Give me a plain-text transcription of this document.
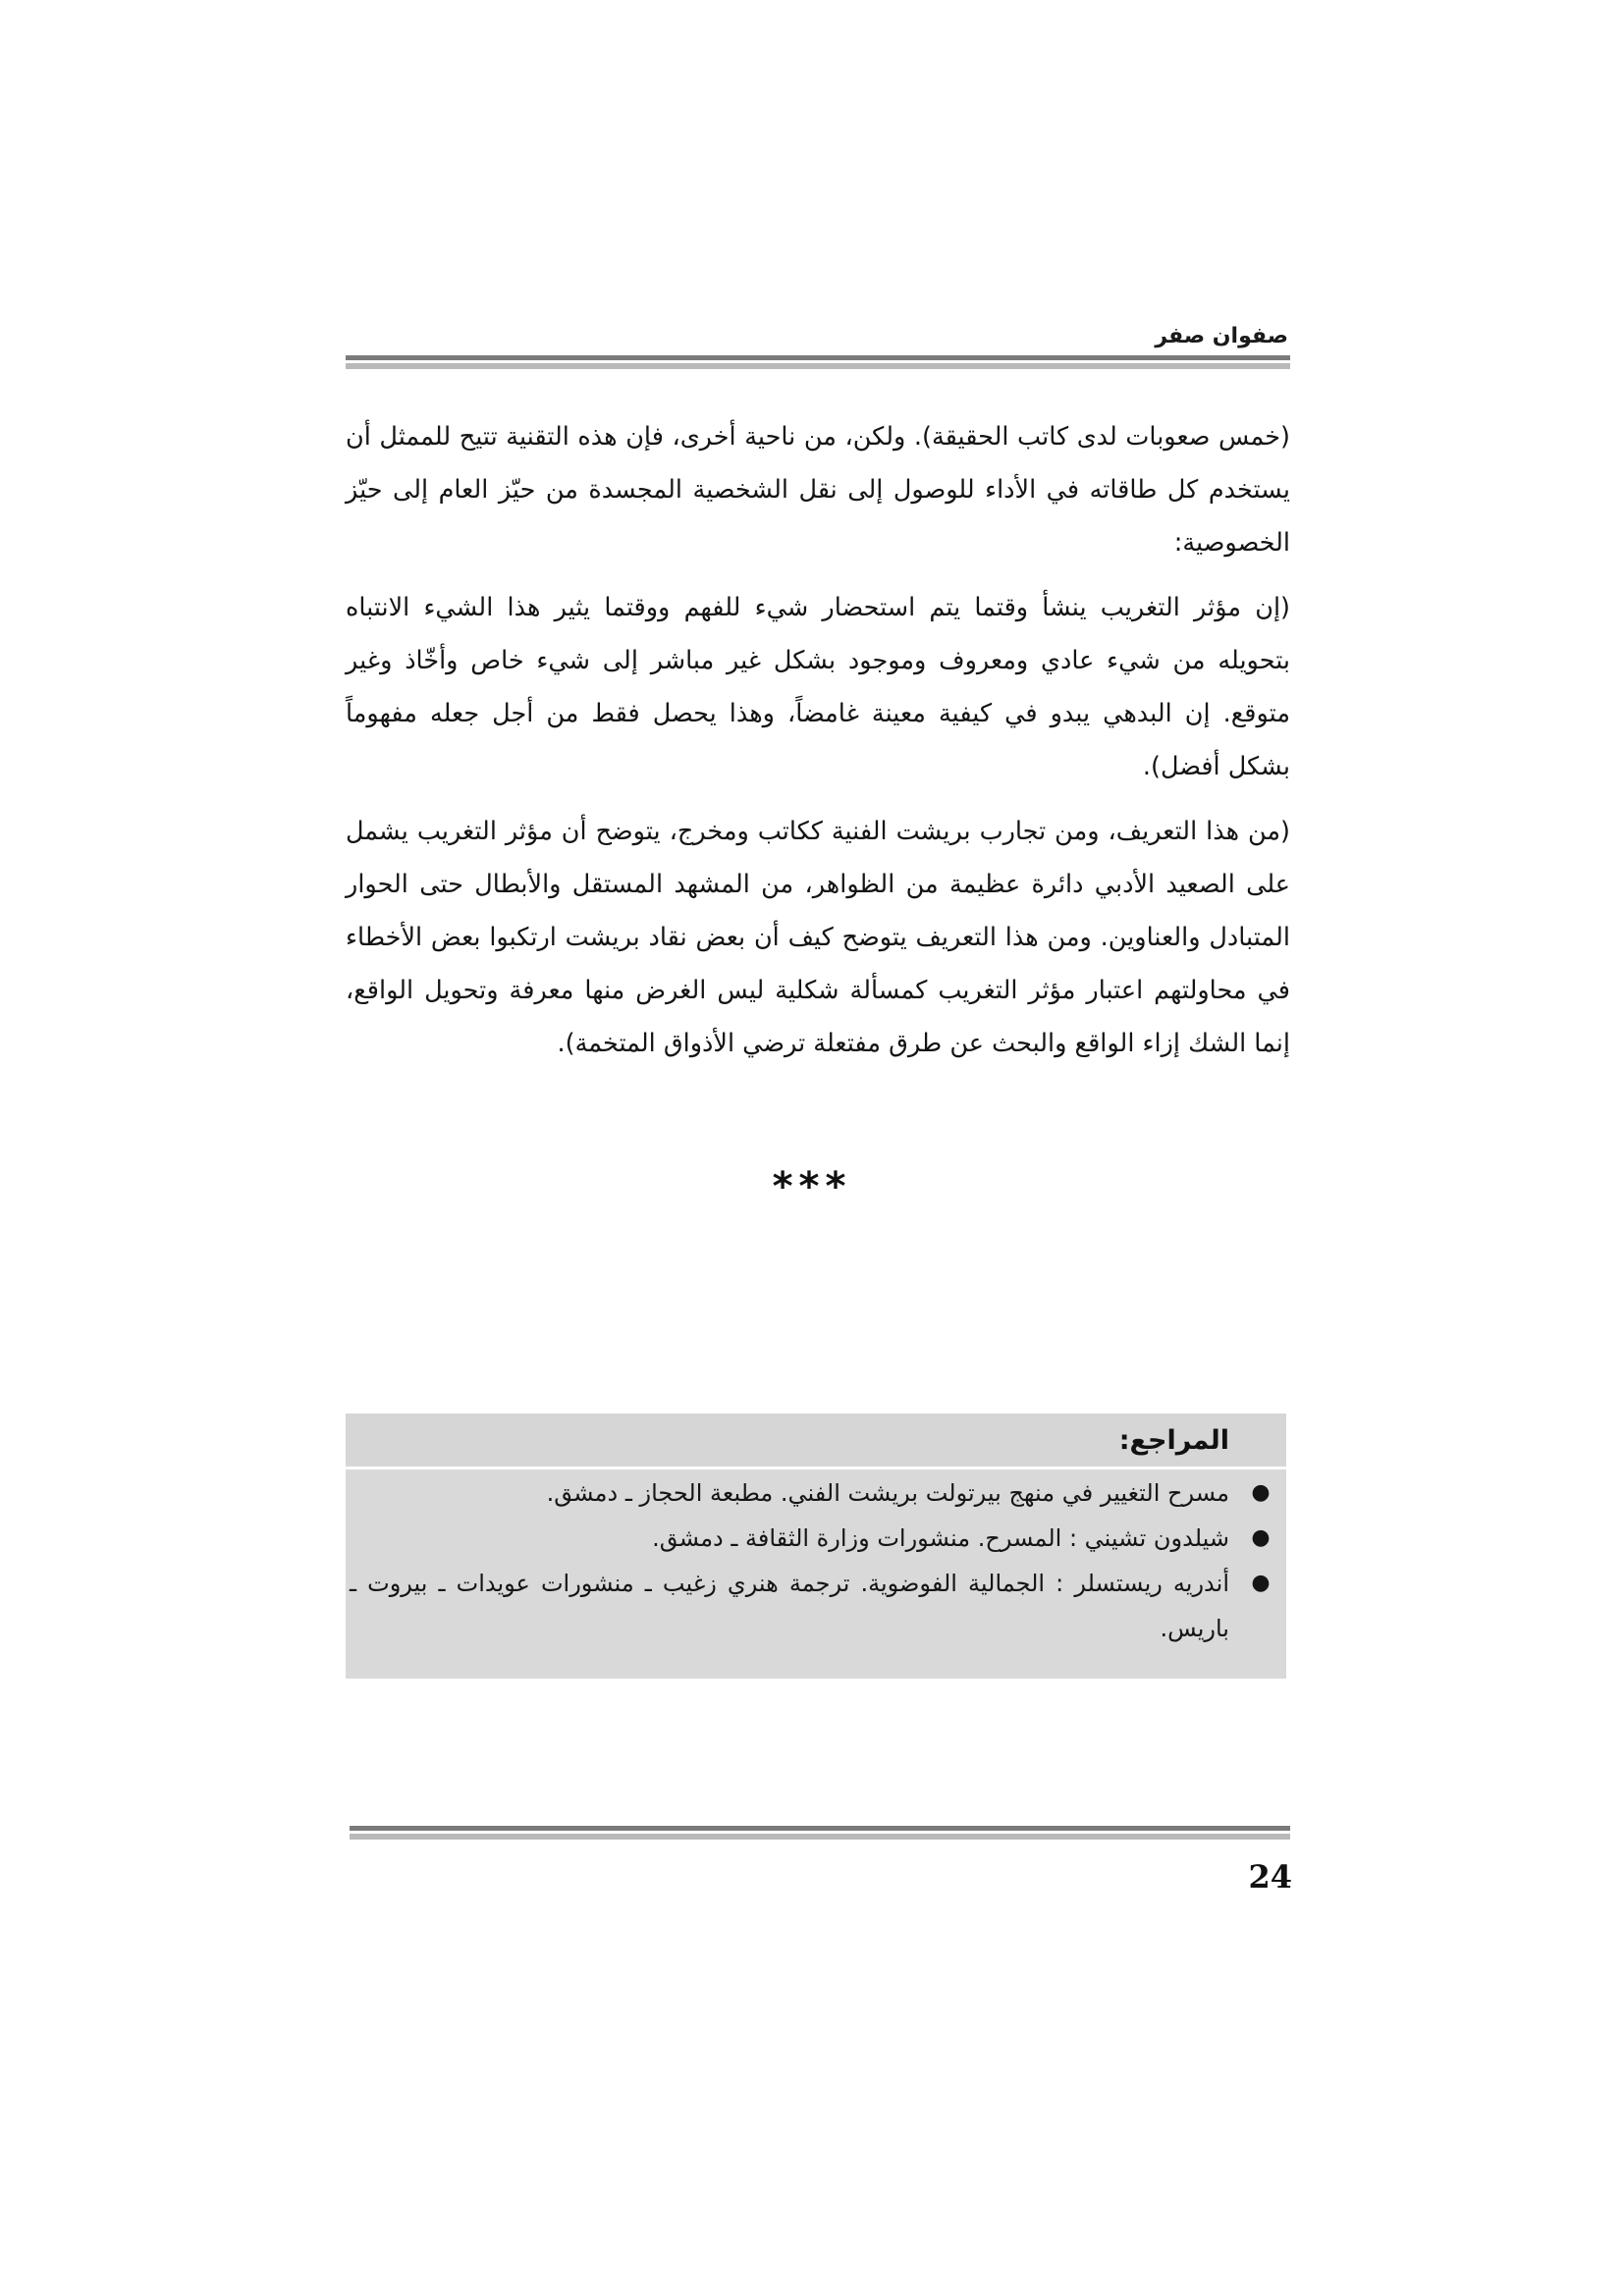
صفوان صفر

(خمس صعوبات لدى كاتب الحقيقة). ولكن، من ناحية أخرى، فإن هذه التقنية تتيح للممثل أن يستخدم كل طاقاته في الأداء للوصول إلى نقل الشخصية المجسدة من حيّز العام إلى حيّز الخصوصية:

(إن مؤثر التغريب ينشأ وقتما يتم استحضار شيء للفهم ووقتما يثير هذا الشيء الانتباه بتحويله من شيء عادي ومعروف وموجود بشكل غير مباشر إلى شيء خاص وأخّاذ وغير متوقع. إن البدهي يبدو في كيفية معينة غامضاً، وهذا يحصل فقط من أجل جعله مفهوماً بشكل أفضل).

(من هذا التعريف، ومن تجارب بريشت الفنية ككاتب ومخرج، يتوضح أن مؤثر التغريب يشمل على الصعيد الأدبي دائرة عظيمة من الظواهر، من المشهد المستقل والأبطال حتى الحوار المتبادل والعناوين. ومن هذا التعريف يتوضح كيف أن بعض نقاد بريشت ارتكبوا بعض الأخطاء في محاولتهم اعتبار مؤثر التغريب كمسألة شكلية ليس الغرض منها معرفة وتحويل الواقع، إنما الشك إزاء الواقع والبحث عن طرق مفتعلة ترضي الأذواق المتخمة).

***
المراجع:
●
مسرح التغيير في منهج بيرتولت بريشت الفني. مطبعة الحجاز ـ دمشق.
●
شيلدون تشيني : المسرح. منشورات وزارة الثقافة ـ دمشق.
●
أندريه ريستسلر : الجمالية الفوضوية. ترجمة هنري زغيب ـ منشورات عويدات ـ بيروت ـ باريس.
24
